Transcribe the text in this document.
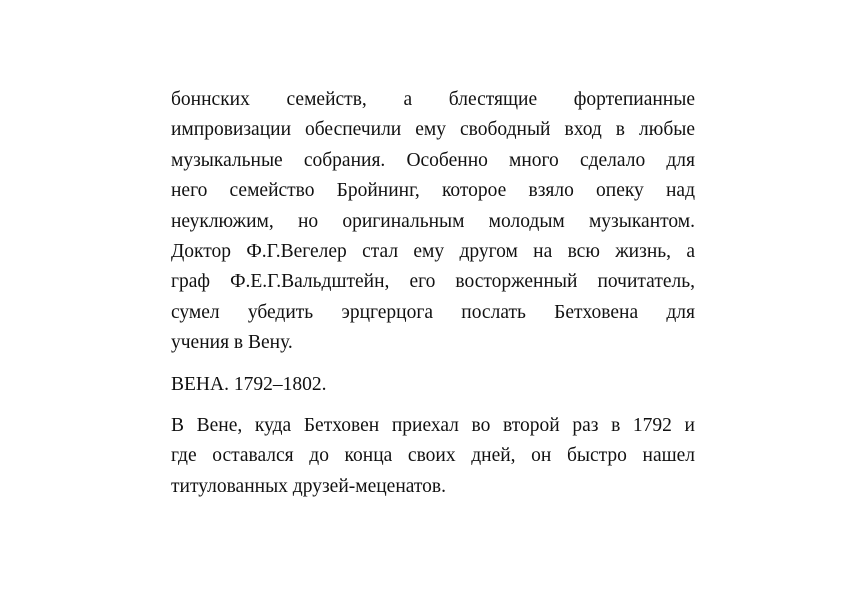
боннских семейств, а блестящие фортепианные
импровизации обеспечили ему свободный вход в любые
музыкальные собрания. Особенно много сделало для
него семейство Бройнинг, которое взяло опеку над
неуклюжим, но оригинальным молодым музыкантом.
Доктор Ф.Г.Вегелер стал ему другом на всю жизнь, а
граф Ф.Е.Г.Вальдштейн, его восторженный почитатель,
сумел убедить эрцгерцога послать Бетховена для
учения в Вену.
ВЕНА. 1792–1802.
В Вене, куда Бетховен приехал во второй раз в 1792 и
где оставался до конца своих дней, он быстро нашел
титулованных друзей-меценатов.
